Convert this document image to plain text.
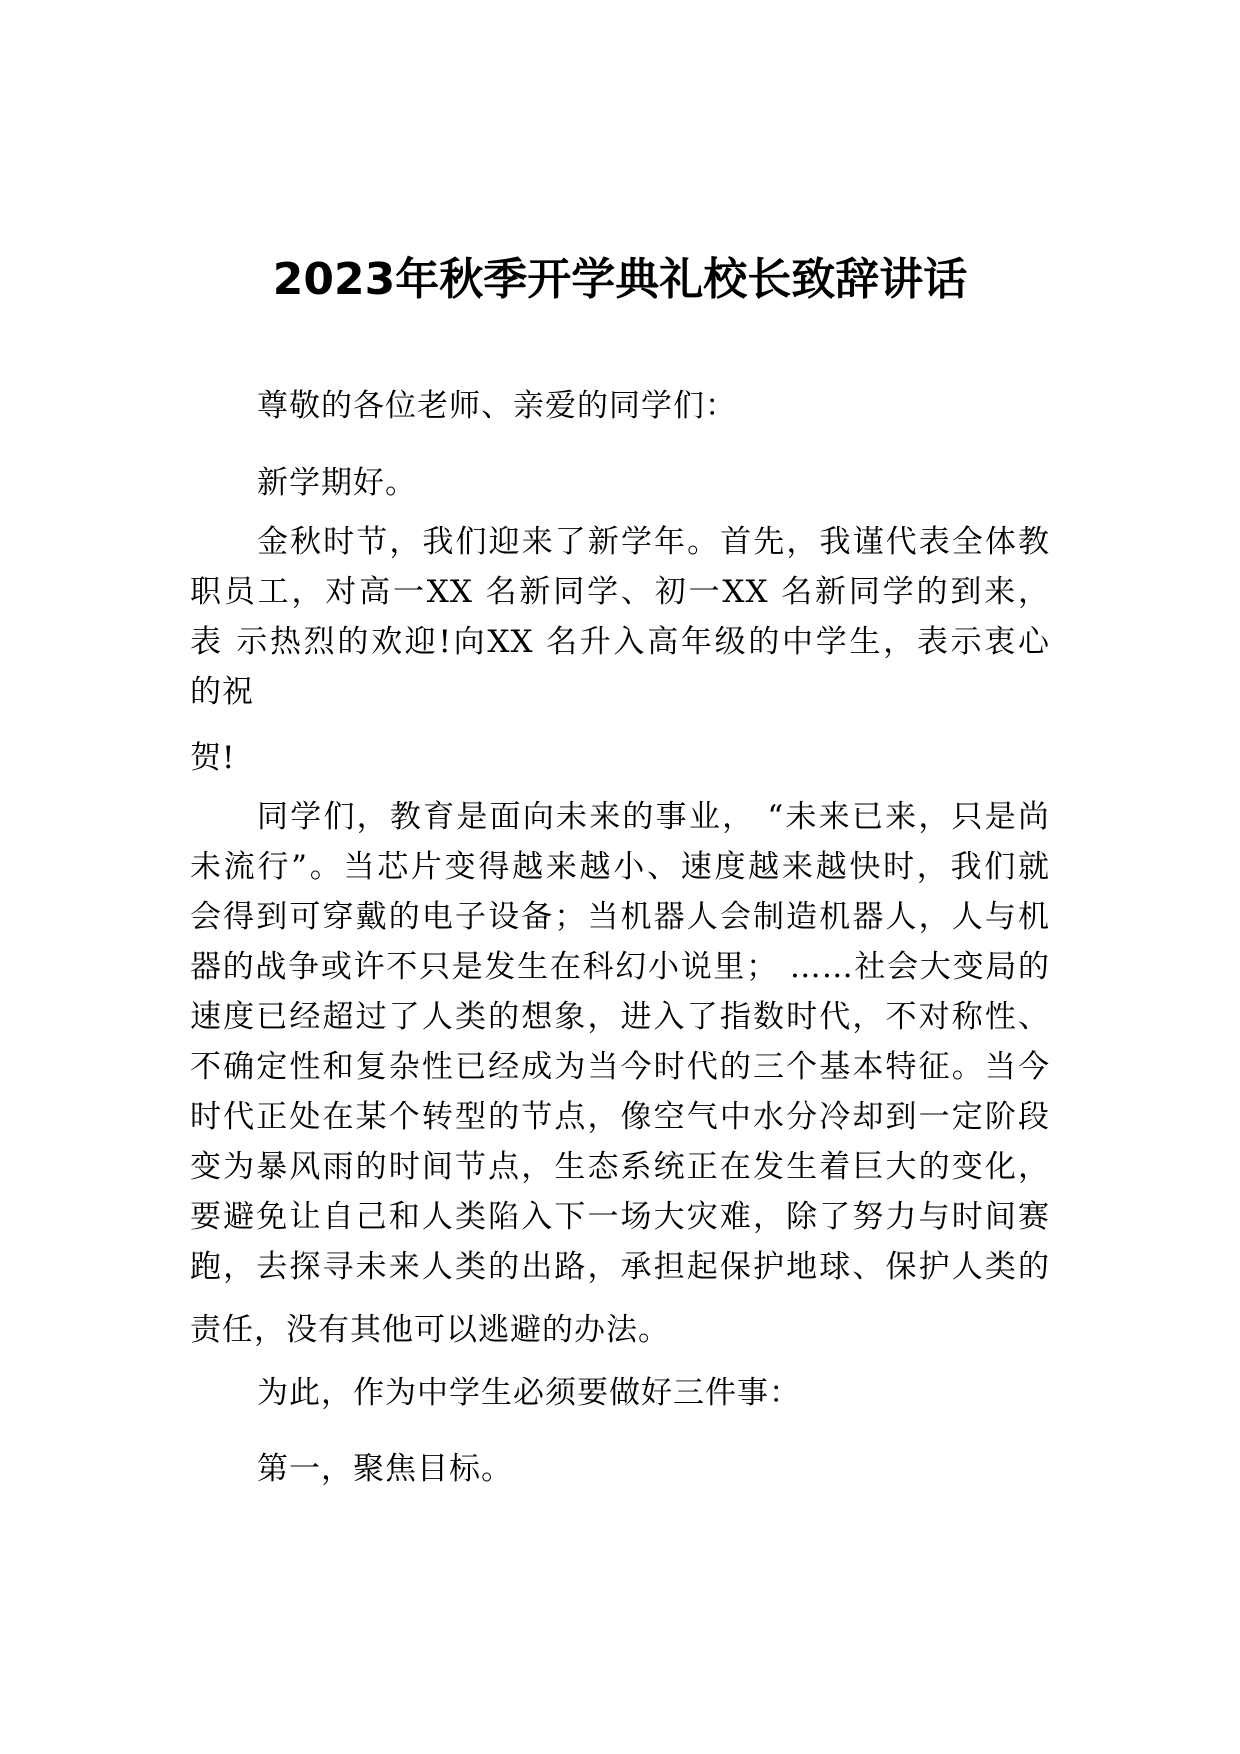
2023年秋季开学典礼校长致辞讲话
尊敬的各位老师、亲爱的同学们：
新学期好。
金秋时节，我们迎来了新学年。首先，我谨代表全体教
职员工，对高一XX 名新同学、初一XX 名新同学的到来，
表 示热烈的欢迎!向XX 名升入高年级的中学生，表示衷心
的祝
贺!
同学们，教育是面向未来的事业， “未来已来，只是尚
未流行”。当芯片变得越来越小、速度越来越快时，我们就
会得到可穿戴的电子设备；当机器人会制造机器人，人与机
器的战争或许不只是发生在科幻小说里； ……社会大变局的
速度已经超过了人类的想象，进入了指数时代，不对称性、
不确定性和复杂性已经成为当今时代的三个基本特征。当今
时代正处在某个转型的节点，像空气中水分冷却到一定阶段
变为暴风雨的时间节点，生态系统正在发生着巨大的变化，
要避免让自己和人类陷入下一场大灾难，除了努力与时间赛
跑，去探寻未来人类的出路，承担起保护地球、保护人类的
责任，没有其他可以逃避的办法。
为此，作为中学生必须要做好三件事：
第一，聚焦目标。
